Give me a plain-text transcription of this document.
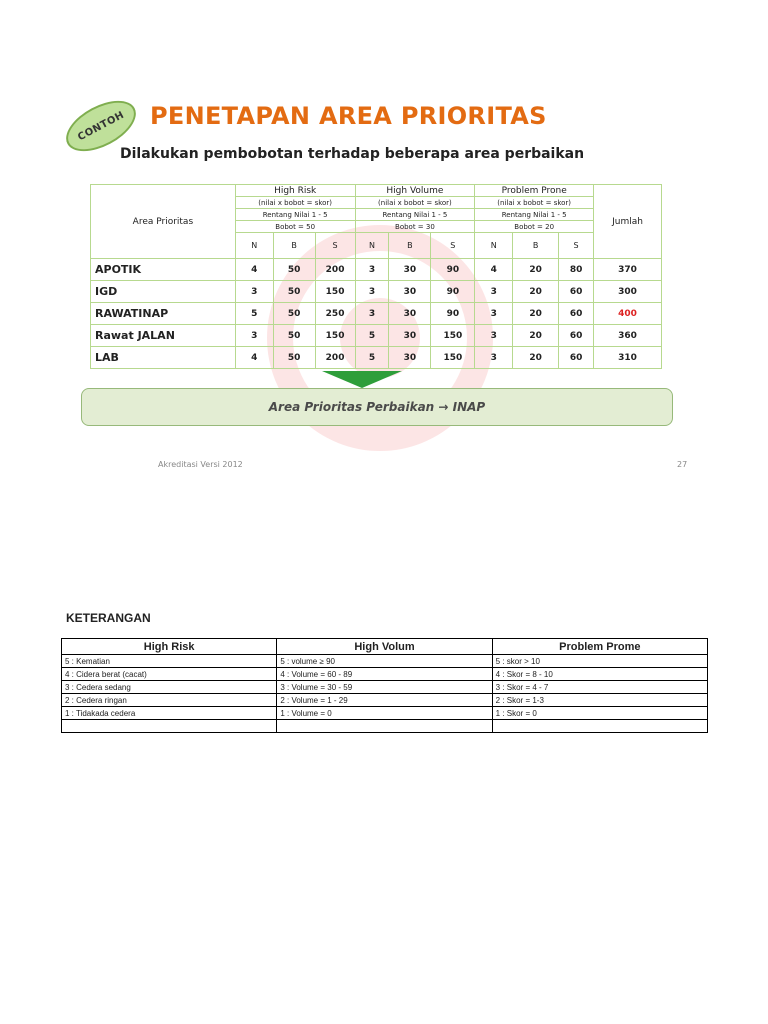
CONTOH PENETAPAN AREA PRIORITAS

Dilakukan pembobotan terhadap beberapa area perbaikan

Area Prioritas	High Risk			High Volume			Problem Prone			Jumlah
	(nilai x bobot = skor)			(nilai x bobot = skor)			(nilai x bobot = skor)			
	Rentang Nilai 1 - 5			Rentang Nilai 1 - 5			Rentang Nilai 1 - 5			
	Bobot = 50			Bobot = 30			Bobot = 20			
	N	B	S	N	B	S	N	B	S	
APOTIK	4	50	200	3	30	90	4	20	80	370
IGD	3	50	150	3	30	90	3	20	60	300
RAWATINAP	5	50	250	3	30	90	3	20	60	400
Rawat JALAN	3	50	150	5	30	150	3	20	60	360
LAB	4	50	200	5	30	150	3	20	60	310
Area Prioritas Perbaikan → INAP
Akreditasi Versi 2012	27
KETERANGAN
High Risk	High Volum	Problem Prome
5 : Kematian	5 : volume ≥ 90	5 : skor > 10
4 : Cidera berat (cacat)	4 : Volume = 60 - 89	4 : Skor = 8 - 10
3 : Cedera sedang	3 : Volume = 30 - 59	3 : Skor = 4 - 7
2 : Cedera ringan	2 : Volume = 1 - 29	2 : Skor = 1-3
1 : Tidakada cedera	1 : Volume = 0	1 : Skor = 0
